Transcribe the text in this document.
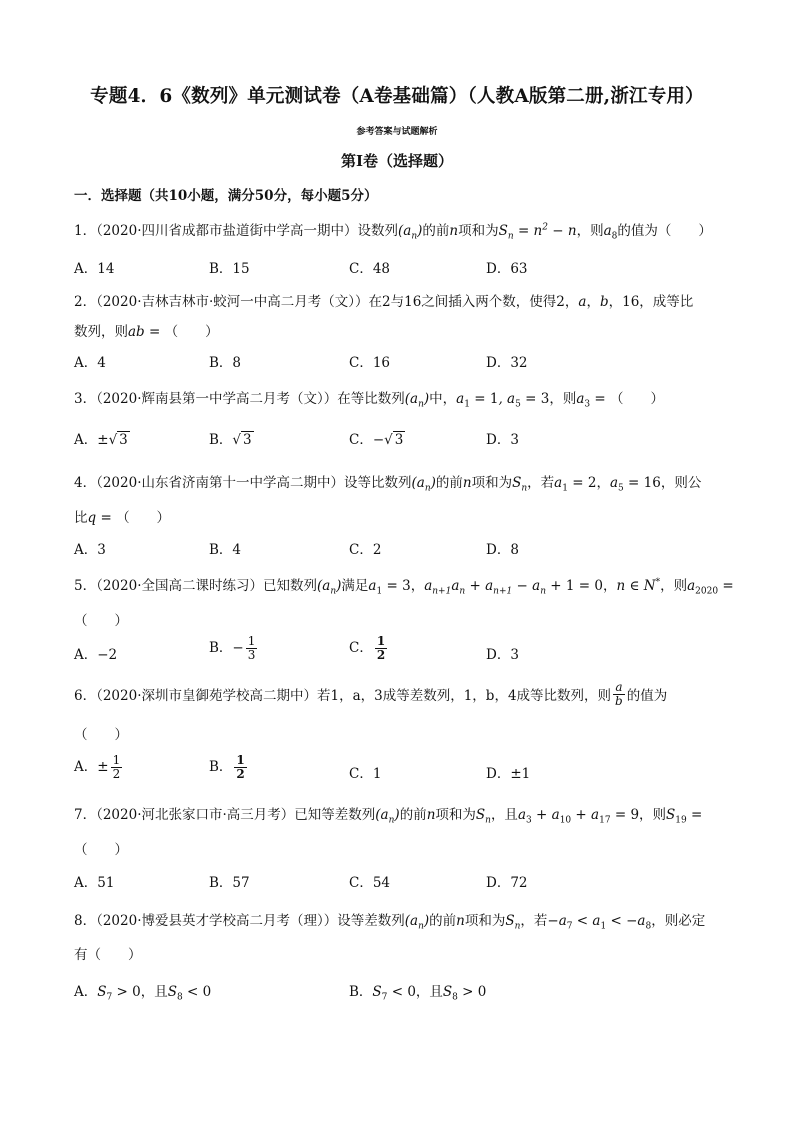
专题4．6《数列》单元测试卷（A卷基础篇）（人教A版第二册,浙江专用）
参考答案与试题解析
第Ⅰ卷（选择题）
一．选择题（共10小题，满分50分，每小题5分）
1．（2020·四川省成都市盐道街中学高一期中）设数列$(a_n)$的前n项和为$S_n = n^2 - n$，则$a_8$的值为（　　）
A．14	B．15	C．48	D．63
2．（2020·吉林吉林市·蛟河一中高二月考（文））在2与16之间插入两个数，使得2，a，b，16，成等比
数列，则ab = （　　）
A．4	B．8	C．16	D．32
3．（2020·辉南县第一中学高二月考（文））在等比数列$(a_n)$中，$a_1 = 1$, $a_5 = 3$，则$a_3$ = （　　）
A．±√ 3	B．√ 3	C．−√ 3	D．3
4．（2020·山东省济南第十一中学高二期中）设等比数列$(a_n)$的前n项和为$S_n$，若$a_1 = 2$，$a_5 = 16$，则公
比q = （　　）
A．3	B．4	C．2	D．8
5．（2020·全国高二课时练习）已知数列$(a_n)$满足$a_1 = 3$，$a_{n+1}a_n + a_{n+1} - a_n + 1 = 0$，n ∈ N*，则$a_{2020}$ =
（　　）
A．−2	B．− $\frac{1}{3}$	C． $\frac{1}{2}$	D．3
6．（2020·深圳市皇御苑学校高二期中）若1，a，3成等差数列，1，b，4成等比数列，则 $\frac{a}{b}$ 的值为
（　　）
A．± $\frac{1}{2}$	B． $\frac{1}{2}$	C．1	D．±1
7．（2020·河北张家口市·高三月考）已知等差数列$(a_n)$的前n项和为$S_n$，且$a_3 + a_{10} + a_{17} = 9$，则$S_{19}$ =
（　　）
A．51	B．57	C．54	D．72
8．（2020·博爱县英才学校高二月考（理））设等差数列$(a_n)$的前n项和为$S_n$，若$-a_7 < a_1 < -a_8$，则必定
有（　　）
A．$S_7 > 0$，且$S_8 < 0$	B．$S_7 < 0$，且$S_8 > 0$
